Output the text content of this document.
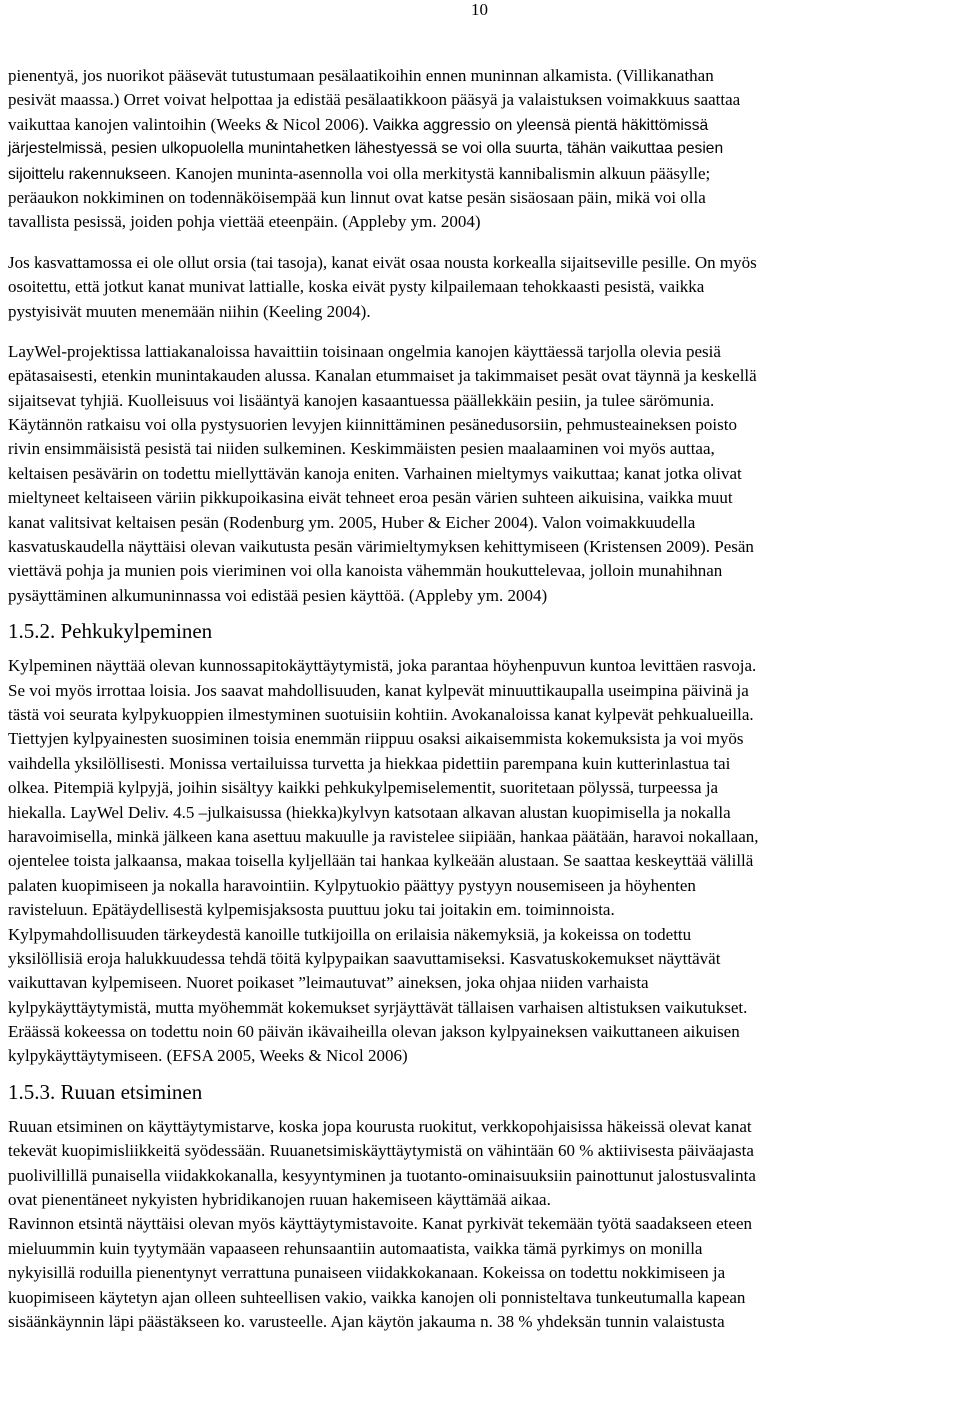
10
pienentyä, jos nuorikot pääsevät tutustumaan pesälaatikoihin ennen muninnan alkamista. (Villikanathan
pesivät maassa.) Orret voivat helpottaa ja edistää pesälaatikkoon pääsyä ja valaistuksen voimakkuus saattaa
vaikuttaa kanojen valintoihin (Weeks & Nicol 2006). Vaikka aggressio on yleensä pientä häkittömissä
järjestelmissä, pesien ulkopuolella munintahetken lähestyessä se voi olla suurta, tähän vaikuttaa pesien
sijoittelu rakennukseen. Kanojen muninta-asennolla voi olla merkitystä kannibalismin alkuun pääsylle;
peräaukon nokkiminen on todennäköisempää kun linnut ovat katse pesän sisäosaan päin, mikä voi olla
tavallista pesissä, joiden pohja viettää eteenpäin. (Appleby ym. 2004)
Jos kasvattamossa ei ole ollut orsia (tai tasoja), kanat eivät osaa nousta korkealla sijaitseville pesille. On myös
osoitettu, että jotkut kanat munivat lattialle, koska eivät pysty kilpailemaan tehokkaasti pesistä, vaikka
pystyisivät muuten menemään niihin (Keeling 2004).
LayWel-projektissa lattiakanaloissa havaittiin toisinaan ongelmia kanojen käyttäessä tarjolla olevia pesiä
epätasaisesti, etenkin munintakauden alussa. Kanalan etummaiset ja takimmaiset pesät ovat täynnä ja keskellä
sijaitsevat tyhjiä. Kuolleisuus voi lisääntyä kanojen kasaantuessa päällekkäin pesiin, ja tulee särömunia.
Käytännön ratkaisu voi olla pystysuorien levyjen kiinnittäminen pesänedusorsiin, pehmusteaineksen poisto
rivin ensimmäisistä pesistä tai niiden sulkeminen. Keskimmäisten pesien maalaaminen voi myös auttaa,
keltaisen pesävärin on todettu miellyttävän kanoja eniten. Varhainen mieltymys vaikuttaa; kanat jotka olivat
mieltyneet keltaiseen väriin pikkupoikasina eivät tehneet eroa pesän värien suhteen aikuisina, vaikka muut
kanat valitsivat keltaisen pesän (Rodenburg ym. 2005, Huber & Eicher 2004). Valon voimakkuudella
kasvatuskaudella näyttäisi olevan vaikutusta pesän värimieltymyksen kehittymiseen (Kristensen 2009). Pesän
viettävä pohja ja munien pois vieriminen voi olla kanoista vähemmän houkuttelevaa, jolloin munahihnan
pysäyttäminen alkumuninnassa voi edistää pesien käyttöä. (Appleby ym. 2004)
1.5.2. Pehkukylpeminen
Kylpeminen näyttää olevan kunnossapitokäyttäytymistä, joka parantaa höyhenpuvun kuntoa levittäen rasvoja.
Se voi myös irrottaa loisia. Jos saavat mahdollisuuden, kanat kylpevät minuuttikaupalla useimpina päivinä ja
tästä voi seurata kylpykuoppien ilmestyminen suotuisiin kohtiin. Avokanaloissa kanat kylpevät pehkualueilla.
Tiettyjen kylpyainesten suosiminen toisia enemmän riippuu osaksi aikaisemmista kokemuksista ja voi myös
vaihdella yksilöllisesti. Monissa vertailuissa turvetta ja hiekkaa pidettiin parempana kuin kutterinlastua tai
olkea. Pitempiä kylpyjä, joihin sisältyy kaikki pehkukylpemiselementit, suoritetaan pölyssä, turpeessa ja
hiekalla. LayWel Deliv. 4.5 –julkaisussa (hiekka)kylvyn katsotaan alkavan alustan kuopimisella ja nokalla
haravoimisella, minkä jälkeen kana asettuu makuulle ja ravistelee siipiään, hankaa päätään, haravoi nokallaan,
ojentelee toista jalkaansa, makaa toisella kyljellään tai hankaa kylkeään alustaan. Se saattaa keskeyttää välillä
palaten kuopimiseen ja nokalla haravointiin. Kylpytuokio päättyy pystyyn nousemiseen ja höyhenten
ravisteluun. Epätäydellisestä kylpemisjaksosta puuttuu joku tai joitakin em. toiminnoista.
Kylpymahdollisuuden tärkeydestä kanoille tutkijoilla on erilaisia näkemyksiä, ja kokeissa on todettu
yksilöllisiä eroja halukkuudessa tehdä töitä kylpypaikan saavuttamiseksi. Kasvatuskokemukset näyttävät
vaikuttavan kylpemiseen. Nuoret poikaset ”leimautuvat” aineksen, joka ohjaa niiden varhaista
kylpykäyttäytymistä, mutta myöhemmät kokemukset syrjäyttävät tällaisen varhaisen altistuksen vaikutukset.
Eräässä kokeessa on todettu noin 60 päivän ikävaiheilla olevan jakson kylpyaineksen vaikuttaneen aikuisen
kylpykäyttäytymiseen. (EFSA 2005, Weeks & Nicol 2006)
1.5.3. Ruuan etsiminen
Ruuan etsiminen on käyttäytymistarve, koska jopa kourusta ruokitut, verkkopohjaisissa häkeissä olevat kanat
tekevät kuopimisliikkeitä syödessään. Ruuanetsimiskäyttäytymistä on vähintään 60 % aktiivisesta päiväajasta
puolivillillä punaisella viidakkokanalla, kesyyntyminen ja tuotanto-ominaisuuksiin painottunut jalostusvalinta
ovat pienentäneet nykyisten hybridikanojen ruuan hakemiseen käyttämää aikaa.
Ravinnon etsintä näyttäisi olevan myös käyttäytymistavoite. Kanat pyrkivät tekemään työtä saadakseen eteen
mieluummin kuin tyytymään vapaaseen rehunsaantiin automaatista, vaikka tämä pyrkimys on monilla
nykyisillä roduilla pienentynyt verrattuna punaiseen viidakkokanaan. Kokeissa on todettu nokkimiseen ja
kuopimiseen käytetyn ajan olleen suhteellisen vakio, vaikka kanojen oli ponnisteltava tunkeutumalla kapean
sisäänkäynnin läpi päästäkseen ko. varusteelle. Ajan käytön jakauma n. 38 % yhdeksän tunnin valaistusta
